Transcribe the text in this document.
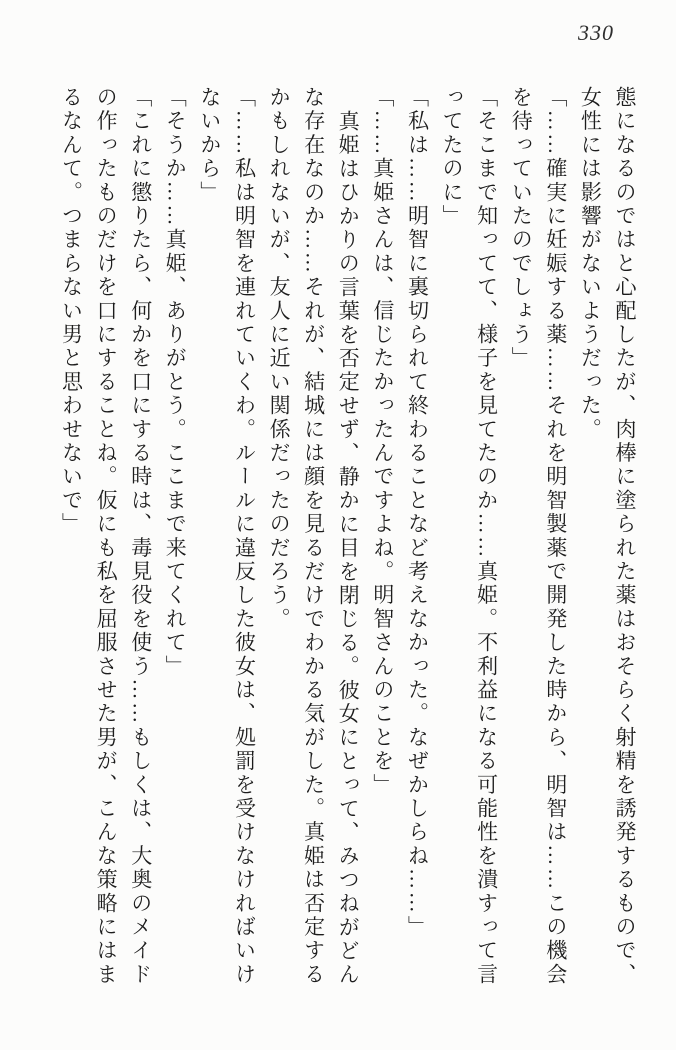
330

態になるのではと心配したが、肉棒に塗られた薬はおそらく射精を誘発するもので、女性には影響がないようだった。

「……確実に妊娠する薬……それを明智製薬で開発した時から、明智は……この機会を待っていたのでしょう」

「そこまで知ってて、様子を見てたのか……真姫。不利益になる可能性を潰すって言ってたのに」

「私は……明智に裏切られて終わることなど考えなかった。なぜかしらね……」

「……真姫さんは、信じたかったんですよね。明智さんのことを」

真姫はひかりの言葉を否定せず、静かに目を閉じる。彼女にとって、みつねがどんな存在なのか……それが、結城には顔を見るだけでわかる気がした。真姫は否定するかもしれないが、友人に近い関係だったのだろう。

「……私は明智を連れていくわ。ルールに違反した彼女は、処罰を受けなければいけないから」

「そうか……真姫、ありがとう。ここまで来てくれて」

「これに懲りたら、何かを口にする時は、毒見役を使う……もしくは、大奥のメイドの作ったものだけを口にすることね。仮にも私を屈服させた男が、こんな策略にはまるなんて。つまらない男と思わせないで」
